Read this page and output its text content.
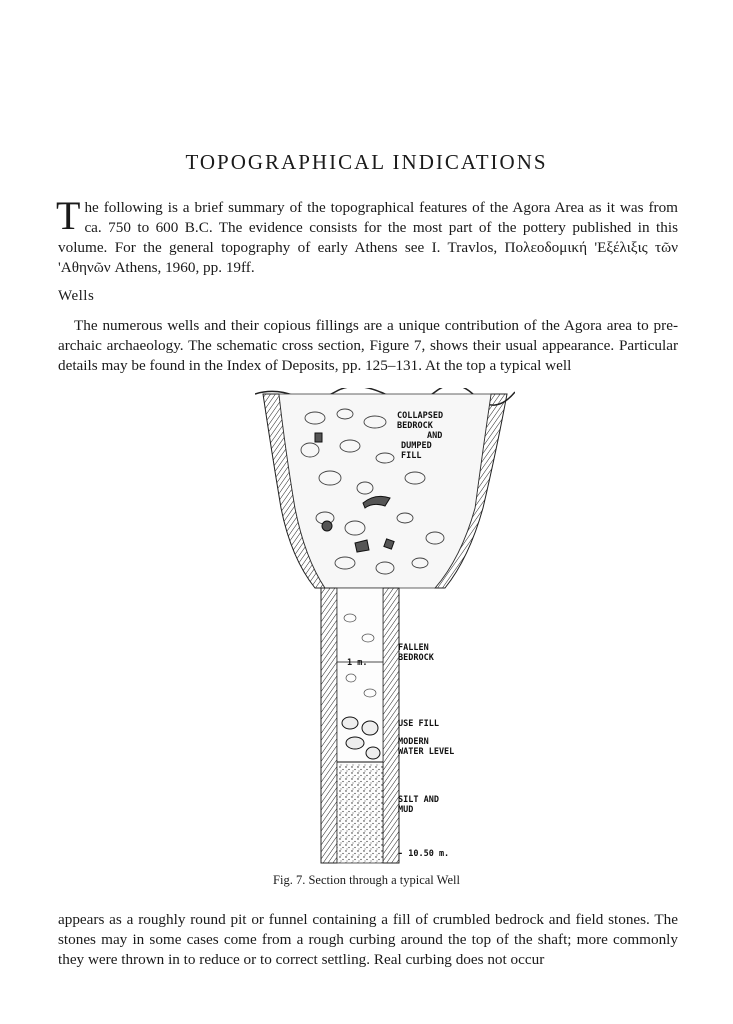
TOPOGRAPHICAL INDICATIONS
The following is a brief summary of the topographical features of the Agora Area as it was from ca. 750 to 600 B.C. The evidence consists for the most part of the pottery published in this volume. For the general topography of early Athens see I. Travlos, Πολεοδομική 'Εξέλιξις τῶν 'Αθηνῶν Athens, 1960, pp. 19ff.
Wells
The numerous wells and their copious fillings are a unique contribution of the Agora area to pre-archaic archaeology. The schematic cross section, Figure 7, shows their usual appearance. Particular details may be found in the Index of Deposits, pp. 125–131. At the top a typical well
1 m.
COLLAPSED
BEDROCK
AND
DUMPED
FILL
FALLEN
BEDROCK
USE FILL
MODERN
WATER LEVEL
SILT AND
MUD
- 10.50 m.
Fig. 7. Section through a typical Well
appears as a roughly round pit or funnel containing a fill of crumbled bedrock and field stones. The stones may in some cases come from a rough curbing around the top of the shaft; more commonly they were thrown in to reduce or to correct settling. Real curbing does not occur
